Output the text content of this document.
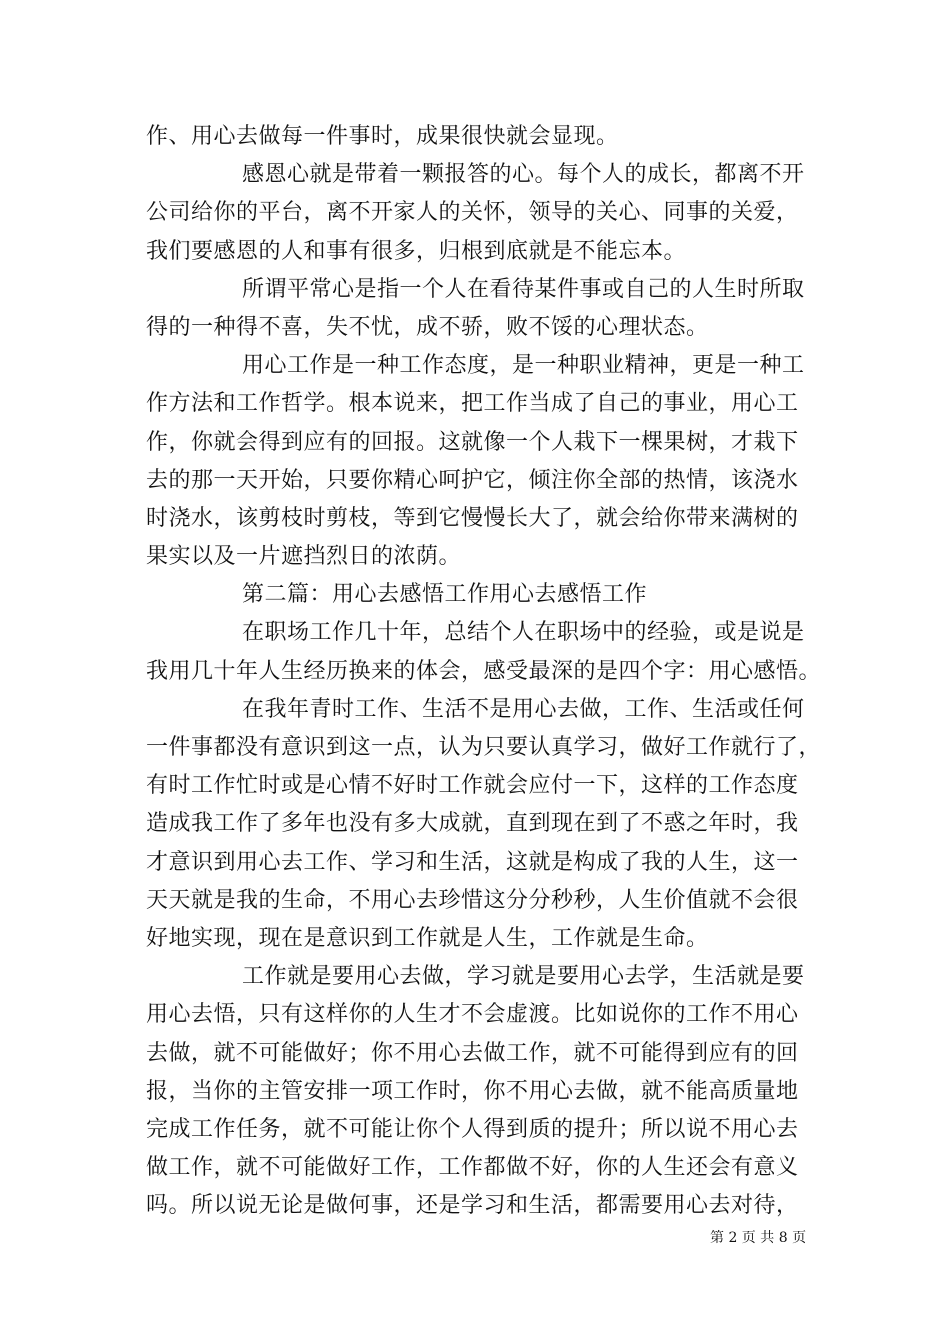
作、用心去做每一件事时，成果很快就会显现。
感恩心就是带着一颗报答的心。每个人的成长，都离不开
公司给你的平台，离不开家人的关怀，领导的关心、同事的关爱，
我们要感恩的人和事有很多，归根到底就是不能忘本。
所谓平常心是指一个人在看待某件事或自己的人生时所取
得的一种得不喜，失不忧，成不骄，败不馁的心理状态。
用心工作是一种工作态度，是一种职业精神，更是一种工
作方法和工作哲学。根本说来，把工作当成了自己的事业，用心工
作，你就会得到应有的回报。这就像一个人栽下一棵果树，才栽下
去的那一天开始，只要你精心呵护它，倾注你全部的热情，该浇水
时浇水，该剪枝时剪枝，等到它慢慢长大了，就会给你带来满树的
果实以及一片遮挡烈日的浓荫。
第二篇：用心去感悟工作用心去感悟工作
在职场工作几十年，总结个人在职场中的经验，或是说是
我用几十年人生经历换来的体会，感受最深的是四个字：用心感悟。
在我年青时工作、生活不是用心去做，工作、生活或任何
一件事都没有意识到这一点，认为只要认真学习，做好工作就行了，
有时工作忙时或是心情不好时工作就会应付一下，这样的工作态度
造成我工作了多年也没有多大成就，直到现在到了不惑之年时，我
才意识到用心去工作、学习和生活，这就是构成了我的人生，这一
天天就是我的生命，不用心去珍惜这分分秒秒，人生价值就不会很
好地实现，现在是意识到工作就是人生，工作就是生命。
工作就是要用心去做，学习就是要用心去学，生活就是要
用心去悟，只有这样你的人生才不会虚渡。比如说你的工作不用心
去做，就不可能做好；你不用心去做工作，就不可能得到应有的回
报，当你的主管安排一项工作时，你不用心去做，就不能高质量地
完成工作任务，就不可能让你个人得到质的提升；所以说不用心去
做工作，就不可能做好工作，工作都做不好，你的人生还会有意义
吗。所以说无论是做何事，还是学习和生活，都需要用心去对待，
第 2 页 共 8 页
